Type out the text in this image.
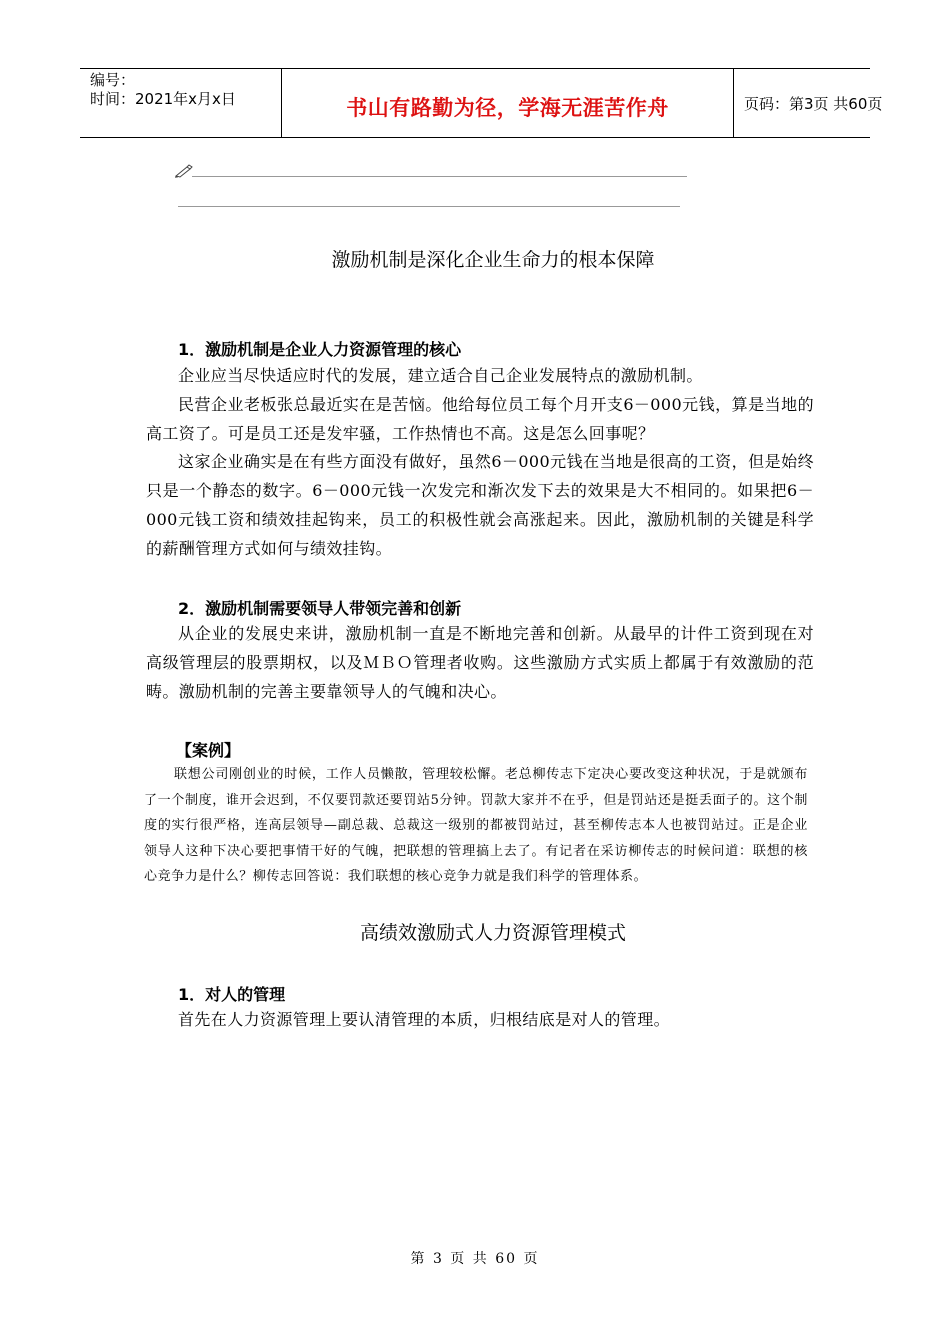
编号：
时间：2021年x月x日	书山有路勤为径，学海无涯苦作舟	页码：第3页 共60页
激励机制是深化企业生命力的根本保障
1．激励机制是企业人力资源管理的核心
企业应当尽快适应时代的发展，建立适合自己企业发展特点的激励机制。
民营企业老板张总最近实在是苦恼。他给每位员工每个月开支6－000元钱，算是当地的高工资了。可是员工还是发牢骚，工作热情也不高。这是怎么回事呢？
这家企业确实是在有些方面没有做好，虽然6－000元钱在当地是很高的工资，但是始终只是一个静态的数字。6－000元钱一次发完和渐次发下去的效果是大不相同的。如果把6－000元钱工资和绩效挂起钩来，员工的积极性就会高涨起来。因此，激励机制的关键是科学的薪酬管理方式如何与绩效挂钩。
2．激励机制需要领导人带领完善和创新
从企业的发展史来讲，激励机制一直是不断地完善和创新。从最早的计件工资到现在对高级管理层的股票期权，以及ＭＢＯ管理者收购。这些激励方式实质上都属于有效激励的范畴。激励机制的完善主要靠领导人的气魄和决心。
【案例】
联想公司刚创业的时候，工作人员懒散，管理较松懈。老总柳传志下定决心要改变这种状况，于是就颁布了一个制度，谁开会迟到，不仅要罚款还要罚站5分钟。罚款大家并不在乎，但是罚站还是挺丢面子的。这个制度的实行很严格，连高层领导—副总裁、总裁这一级别的都被罚站过，甚至柳传志本人也被罚站过。正是企业领导人这种下决心要把事情干好的气魄，把联想的管理搞上去了。有记者在采访柳传志的时候问道：联想的核心竞争力是什么？柳传志回答说：我们联想的核心竞争力就是我们科学的管理体系。
高绩效激励式人力资源管理模式
1．对人的管理
首先在人力资源管理上要认清管理的本质，归根结底是对人的管理。
第 3 页 共 60 页
